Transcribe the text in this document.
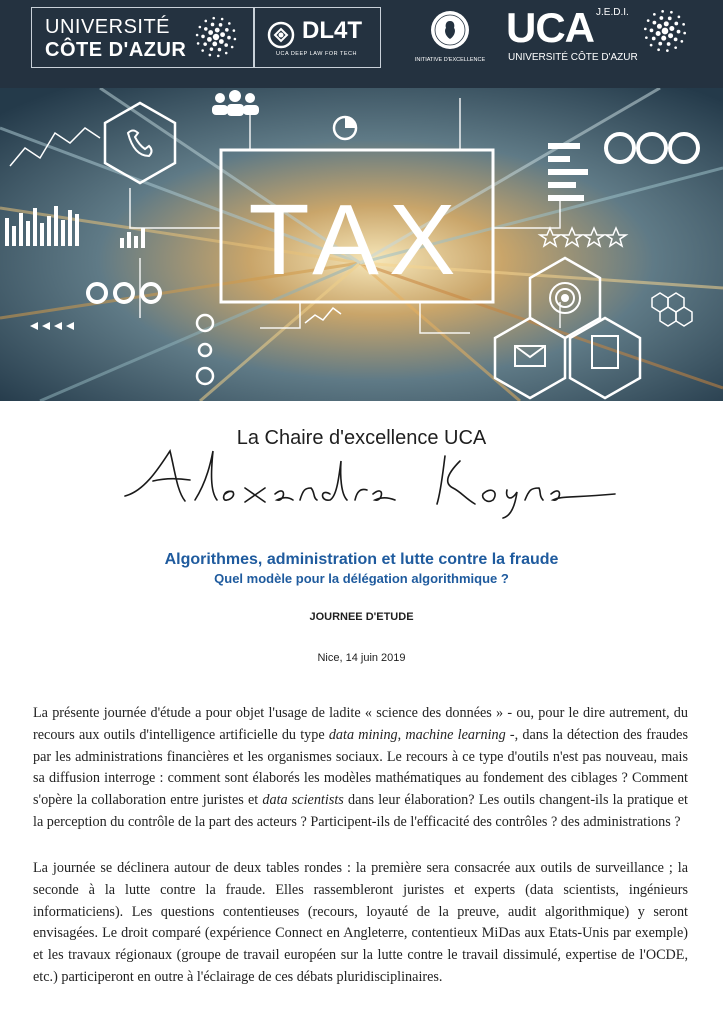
UNIVERSITÉ
CÔTE D'AZUR
DL4T
UCA DEEP LAW FOR TECH
INITIATIVE D'EXCELLENCE
UCA J.E.D.I.
UNIVERSITÉ CÔTE D'AZUR
TAX
La Chaire d'excellence UCA
Algorithmes, administration et lutte contre la fraude
Quel modèle pour la délégation algorithmique ?
JOURNEE D'ETUDE
Nice, 14 juin 2019
La présente journée d'étude a pour objet l'usage de ladite « science des données » - ou, pour le dire autrement, du recours aux outils d'intelligence artificielle du type data mining, machine learning -, dans la détection des fraudes par les administrations financières et les organismes sociaux. Le recours à ce type d'outils n'est pas nouveau, mais sa diffusion interroge : comment sont élaborés les modèles mathématiques au fondement des ciblages ? Comment s'opère la collaboration entre juristes et data scientists dans leur élaboration? Les outils changent-ils la pratique et la perception du contrôle de la part des acteurs ? Participent-ils de l'efficacité des contrôles ? des administrations ?
La journée se déclinera autour de deux tables rondes : la première sera consacrée aux outils de surveillance ; la seconde à la lutte contre la fraude. Elles rassembleront juristes et experts (data scientists, ingénieurs informaticiens). Les questions contentieuses (recours, loyauté de la preuve, audit algorithmique) y seront envisagées. Le droit comparé (expérience Connect en Angleterre, contentieux MiDas aux Etats-Unis par exemple) et les travaux régionaux (groupe de travail européen sur la lutte contre le travail dissimulé, expertise de l'OCDE, etc.) participeront en outre à l'éclairage de ces débats pluridisciplinaires.
